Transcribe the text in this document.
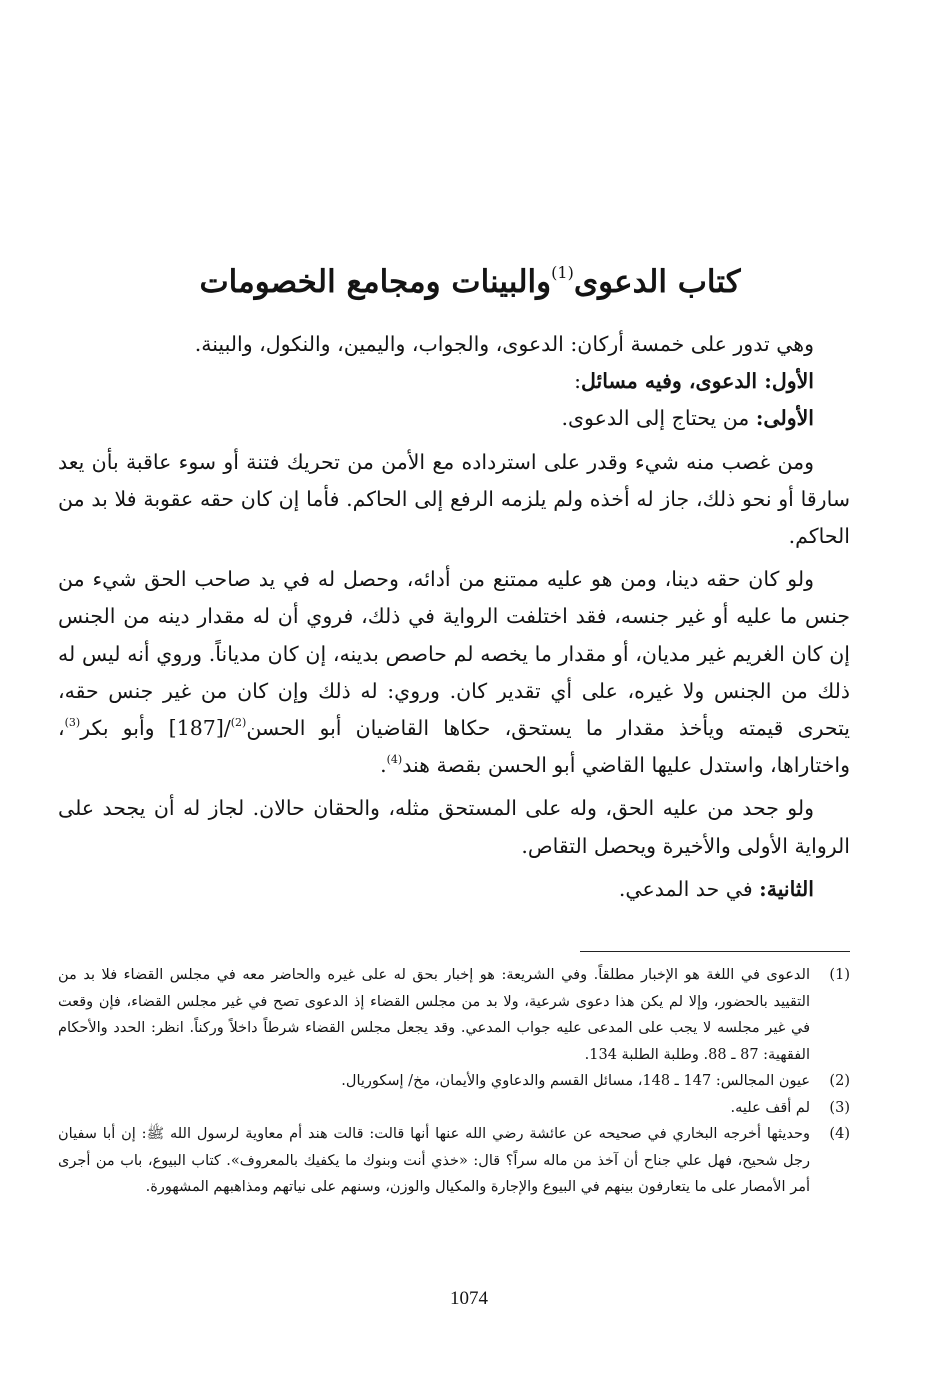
كتاب الدعوى$^{(1)}$والبينات ومجامع الخصومات

وهي تدور على خمسة أركان: الدعوى، والجواب، واليمين، والنكول، والبينة.

الأول: الدعوى، وفيه مسائل:

الأولى: من يحتاج إلى الدعوى.

ومن غصب منه شيء وقدر على استرداده مع الأمن من تحريك فتنة أو سوء عاقبة بأن يعد سارقا أو نحو ذلك، جاز له أخذه ولم يلزمه الرفع إلى الحاكم. فأما إن كان حقه عقوبة فلا بد من الحاكم.

ولو كان حقه دينا، ومن هو عليه ممتنع من أدائه، وحصل له في يد صاحب الحق شيء من جنس ما عليه أو غير جنسه، فقد اختلفت الرواية في ذلك، فروي أن له مقدار دينه من الجنس إن كان الغريم غير مديان، أو مقدار ما يخصه لم حاصص بدينه، إن كان مدياناً. وروي أنه ليس له ذلك من الجنس ولا غيره، على أي تقدير كان. وروي: له ذلك وإن كان من غير جنس حقه، يتحرى قيمته ويأخذ مقدار ما يستحق، حكاها القاضيان أبو الحسن$^{(2)}$/[187] وأبو بكر$^{(3)}$، واختاراها، واستدل عليها القاضي أبو الحسن بقصة هند$^{(4)}$.

ولو جحد من عليه الحق، وله على المستحق مثله، والحقان حالان. لجاز له أن يجحد على الرواية الأولى والأخيرة ويحصل التقاص.

الثانية: في حد المدعي.

(1)
الدعوى في اللغة هو الإخبار مطلقاً. وفي الشريعة: هو إخبار بحق له على غيره والحاضر معه في مجلس القضاء فلا بد من التقييد بالحضور، وإلا لم يكن هذا دعوى شرعية، ولا بد من مجلس القضاء إذ الدعوى تصح في غير مجلس القضاء، فإن وقعت في غير مجلسه لا يجب على المدعى عليه جواب المدعي. وقد يجعل مجلس القضاء شرطاً داخلاً وركناً. انظر: الحدد والأحكام الفقهية: 87 ـ 88. وطلبة الطلبة 134.
(2)
عيون المجالس: 147 ـ 148، مسائل القسم والدعاوي والأيمان، مخ/ إسكوريال.
(3)
لم أقف عليه.
(4)
وحديثها أخرجه البخاري في صحيحه عن عائشة رضي الله عنها أنها قالت: قالت هند أم معاوية لرسول الله ﷺ: إن أبا سفيان رجل شحيح، فهل علي جناح أن آخذ من ماله سراً؟ قال: «خذي أنت وبنوك ما يكفيك بالمعروف». كتاب البيوع، باب من أجرى أمر الأمصار على ما يتعارفون بينهم في البيوع والإجارة والمكيال والوزن، وسنهم على نياتهم ومذاهبهم المشهورة.
1074
